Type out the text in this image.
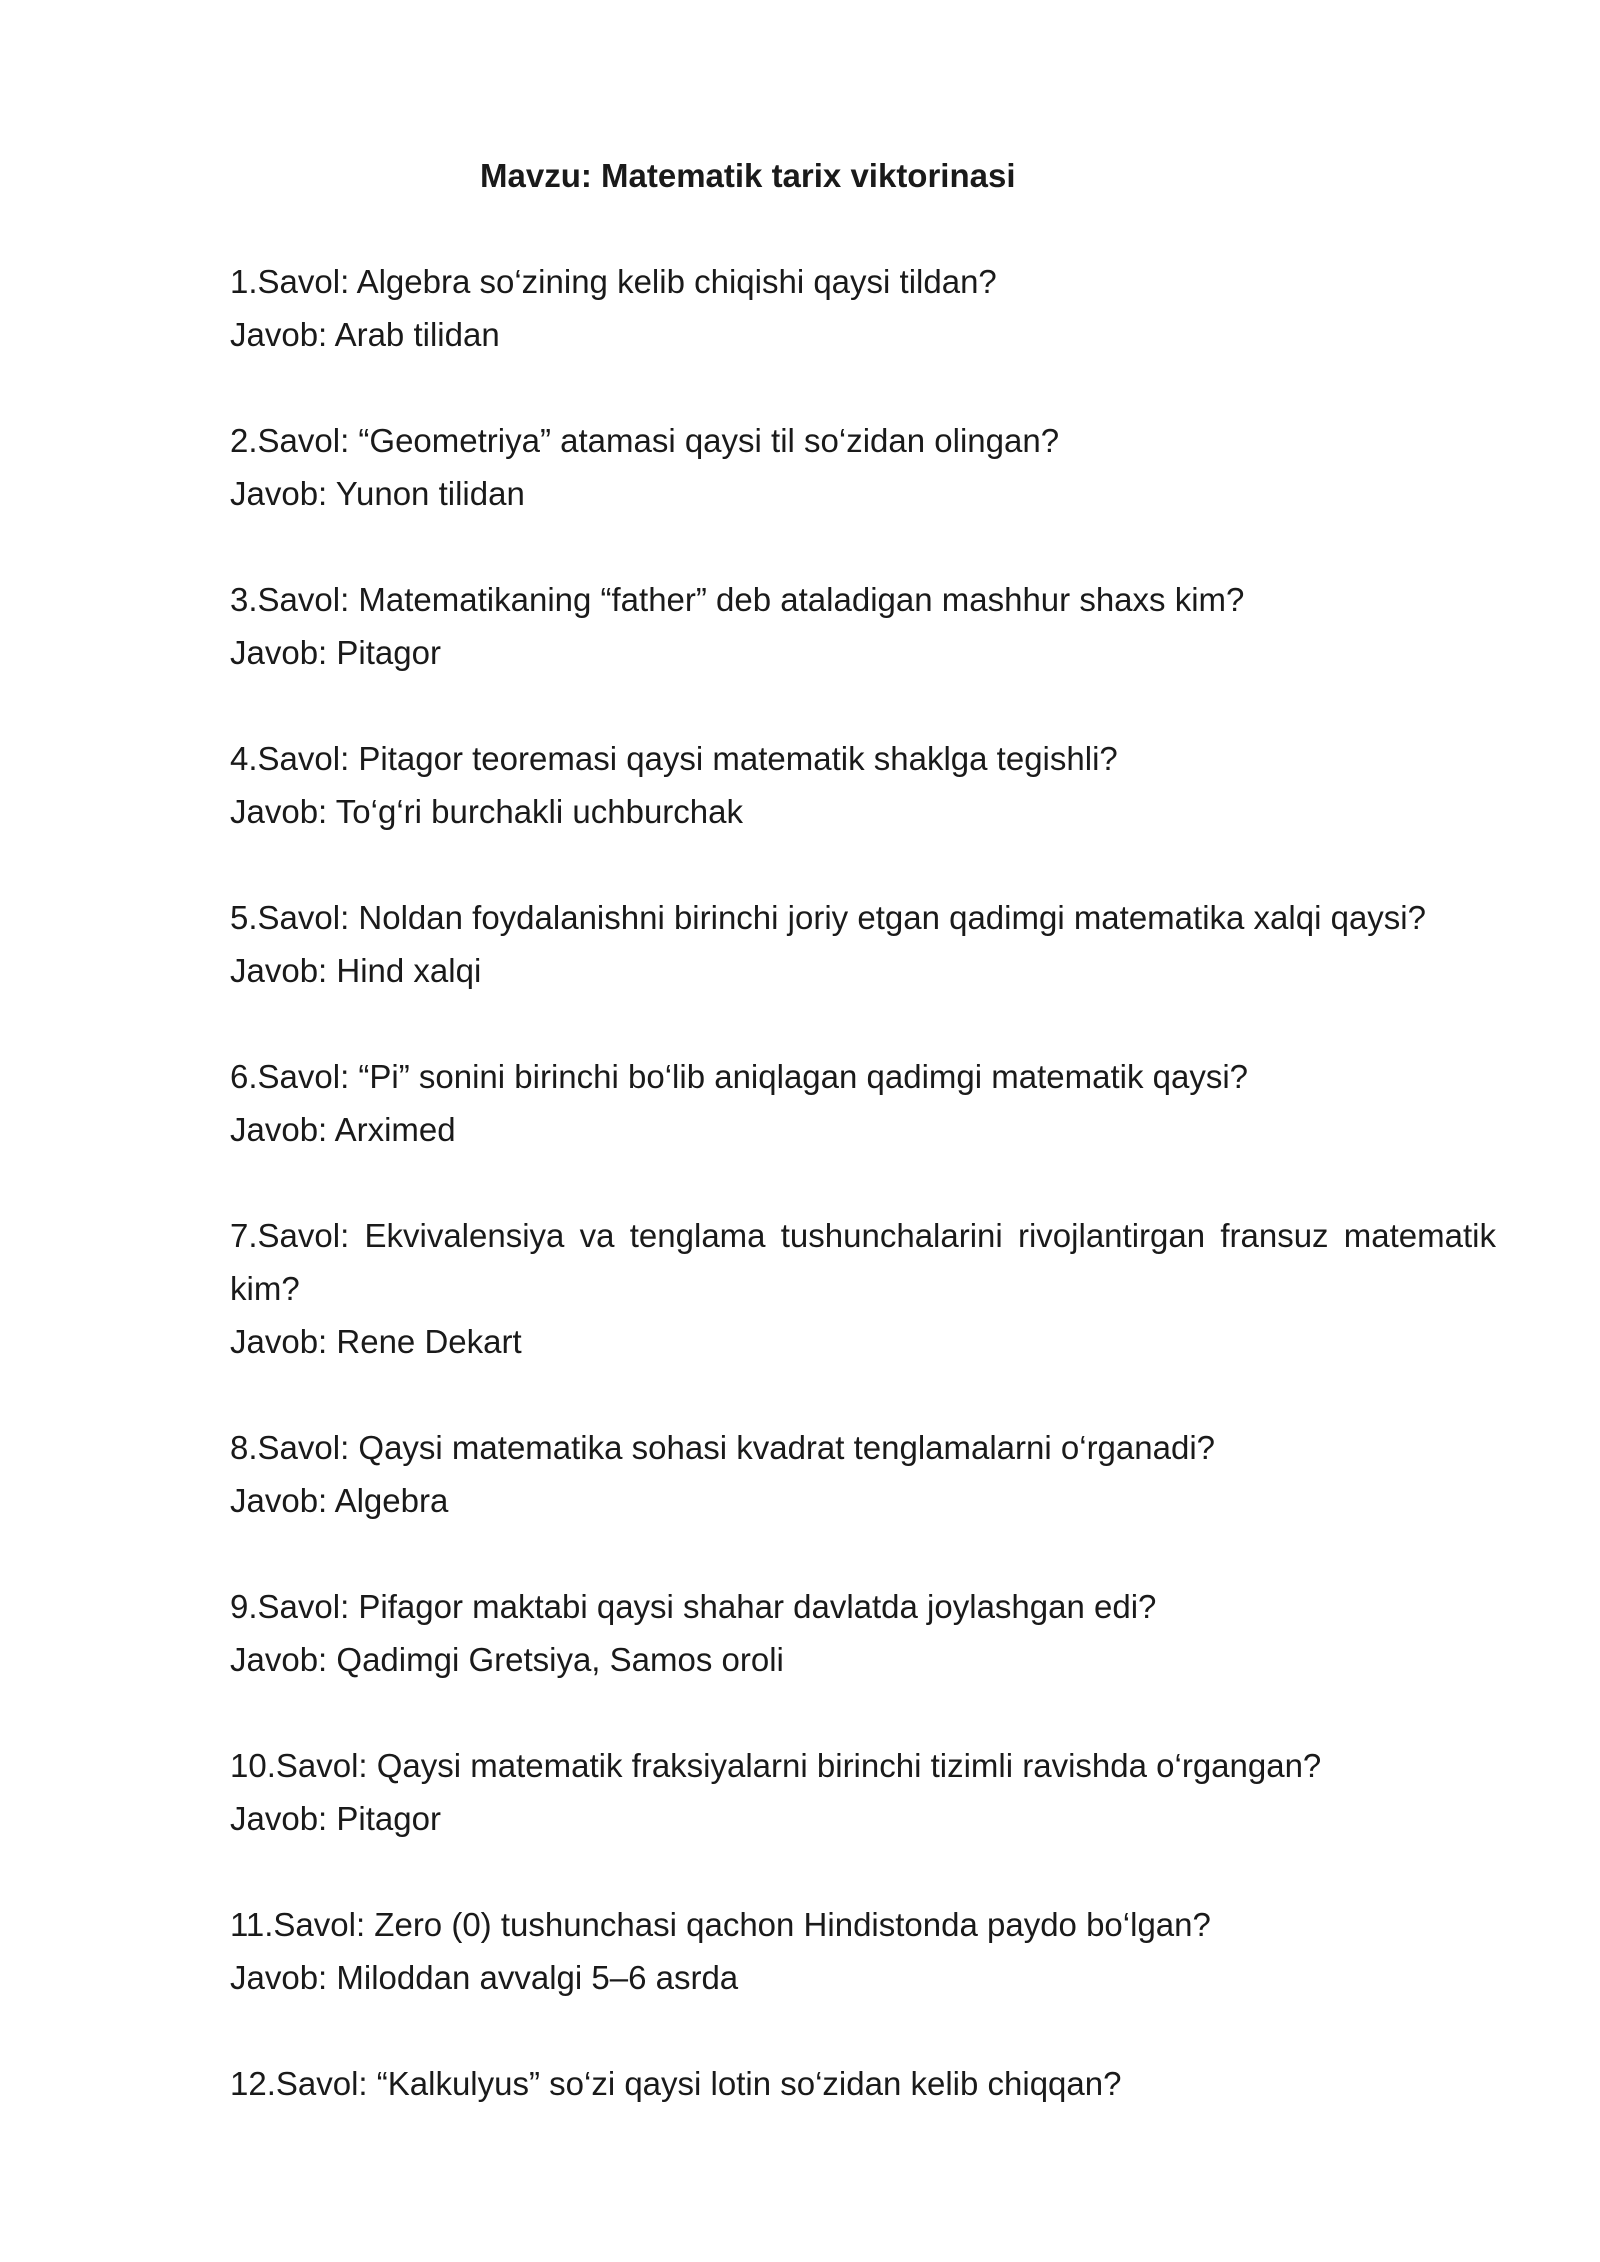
Mavzu: Matematik tarix viktorinasi
1.Savol: Algebra so‘zining kelib chiqishi qaysi tildan?
Javob: Arab tilidan
2.Savol: “Geometriya” atamasi qaysi til so‘zidan olingan?
Javob: Yunon tilidan
3.Savol: Matematikaning “father” deb ataladigan mashhur shaxs kim?
Javob: Pitagor
4.Savol: Pitagor teoremasi qaysi matematik shaklga tegishli?
Javob: To‘g‘ri burchakli uchburchak
5.Savol: Noldan foydalanishni birinchi joriy etgan qadimgi matematika xalqi qaysi?
Javob: Hind xalqi
6.Savol: “Pi” sonini birinchi bo‘lib aniqlagan qadimgi matematik qaysi?
Javob: Arximed
7.Savol: Ekvivalensiya va tenglama tushunchalarini rivojlantirgan fransuz matematik kim?
Javob: Rene Dekart
8.Savol: Qaysi matematika sohasi kvadrat tenglamalarni o‘rganadi?
Javob: Algebra
9.Savol: Pifagor maktabi qaysi shahar davlatda joylashgan edi?
Javob: Qadimgi Gretsiya, Samos oroli
10.Savol: Qaysi matematik fraksiyalarni birinchi tizimli ravishda o‘rgangan?
Javob: Pitagor
11.Savol: Zero (0) tushunchasi qachon Hindistonda paydo bo‘lgan?
Javob: Miloddan avvalgi 5–6 asrda
12.Savol: “Kalkulyus” so‘zi qaysi lotin so‘zidan kelib chiqqan?
